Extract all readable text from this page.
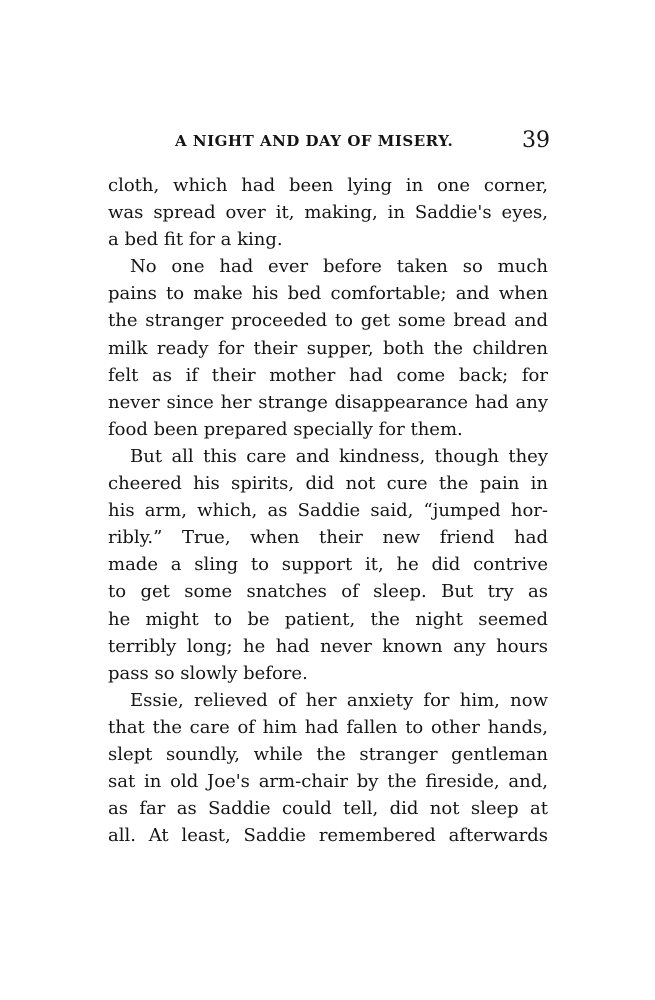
A NIGHT AND DAY OF MISERY.	39
cloth, which had been lying in one corner,
was spread over it, making, in Saddie's eyes,
a bed fit for a king.
No one had ever before taken so much
pains to make his bed comfortable; and when
the stranger proceeded to get some bread and
milk ready for their supper, both the children
felt as if their mother had come back; for
never since her strange disappearance had any
food been prepared specially for them.
But all this care and kindness, though they
cheered his spirits, did not cure the pain in
his arm, which, as Saddie said, “jumped hor-
ribly.” True, when their new friend had
made a sling to support it, he did contrive
to get some snatches of sleep. But try as
he might to be patient, the night seemed
terribly long; he had never known any hours
pass so slowly before.
Essie, relieved of her anxiety for him, now
that the care of him had fallen to other hands,
slept soundly, while the stranger gentleman
sat in old Joe's arm-chair by the fireside, and,
as far as Saddie could tell, did not sleep at
all. At least, Saddie remembered afterwards
